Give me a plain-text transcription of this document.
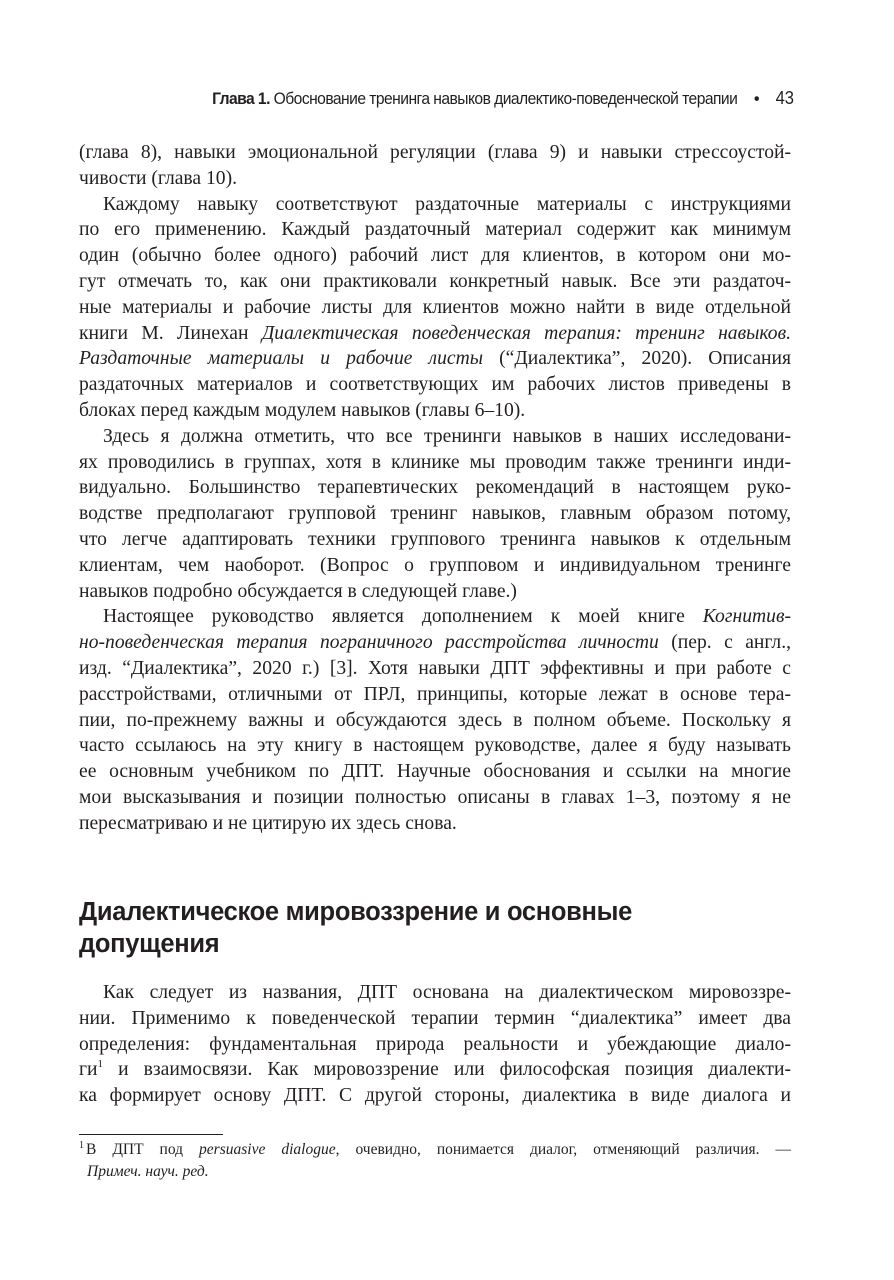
Глава 1. Обоснование тренинга навыков диалектико-поведенческой терапии • 43

(глава 8), навыки эмоциональной регуляции (глава 9) и навыки стрессоустой-
чивости (глава 10).

Каждому навыку соответствуют раздаточные материалы с инструкциями
по его применению. Каждый раздаточный материал содержит как минимум
один (обычно более одного) рабочий лист для клиентов, в котором они мо-
гут отмечать то, как они практиковали конкретный навык. Все эти раздаточ-
ные материалы и рабочие листы для клиентов можно найти в виде отдельной
книги М. Линехан Диалектическая поведенческая терапия: тренинг навыков.
Раздаточные материалы и рабочие листы (“Диалектика”, 2020). Описания
раздаточных материалов и соответствующих им рабочих листов приведены в
блоках перед каждым модулем навыков (главы 6–10).

Здесь я должна отметить, что все тренинги навыков в наших исследовани-
ях проводились в группах, хотя в клинике мы проводим также тренинги инди-
видуально. Большинство терапевтических рекомендаций в настоящем руко-
водстве предполагают групповой тренинг навыков, главным образом потому,
что легче адаптировать техники группового тренинга навыков к отдельным
клиентам, чем наоборот. (Вопрос о групповом и индивидуальном тренинге
навыков подробно обсуждается в следующей главе.)

Настоящее руководство является дополнением к моей книге Когнитив-
но-поведенческая терапия пограничного расстройства личности (пер. с англ.,
изд. “Диалектика”, 2020 г.) [3]. Хотя навыки ДПТ эффективны и при работе с
расстройствами, отличными от ПРЛ, принципы, которые лежат в основе тера-
пии, по-прежнему важны и обсуждаются здесь в полном объеме. Поскольку я
часто ссылаюсь на эту книгу в настоящем руководстве, далее я буду называть
ее основным учебником по ДПТ. Научные обоснования и ссылки на многие
мои высказывания и позиции полностью описаны в главах 1–3, поэтому я не
пересматриваю и не цитирую их здесь снова.

Диалектическое мировоззрение и основные
допущения

Как следует из названия, ДПТ основана на диалектическом мировоззре-
нии. Применимо к поведенческой терапии термин “диалектика” имеет два
определения: фундаментальная природа реальности и убеждающие диало-
ги$^1$ и взаимосвязи. Как мировоззрение или философская позиция диалекти-
ка формирует основу ДПТ. С другой стороны, диалектика в виде диалога и

$^1$ В ДПТ под persuasive dialogue, очевидно, понимается диалог, отменяющий различия. —
Примеч. науч. ред.
